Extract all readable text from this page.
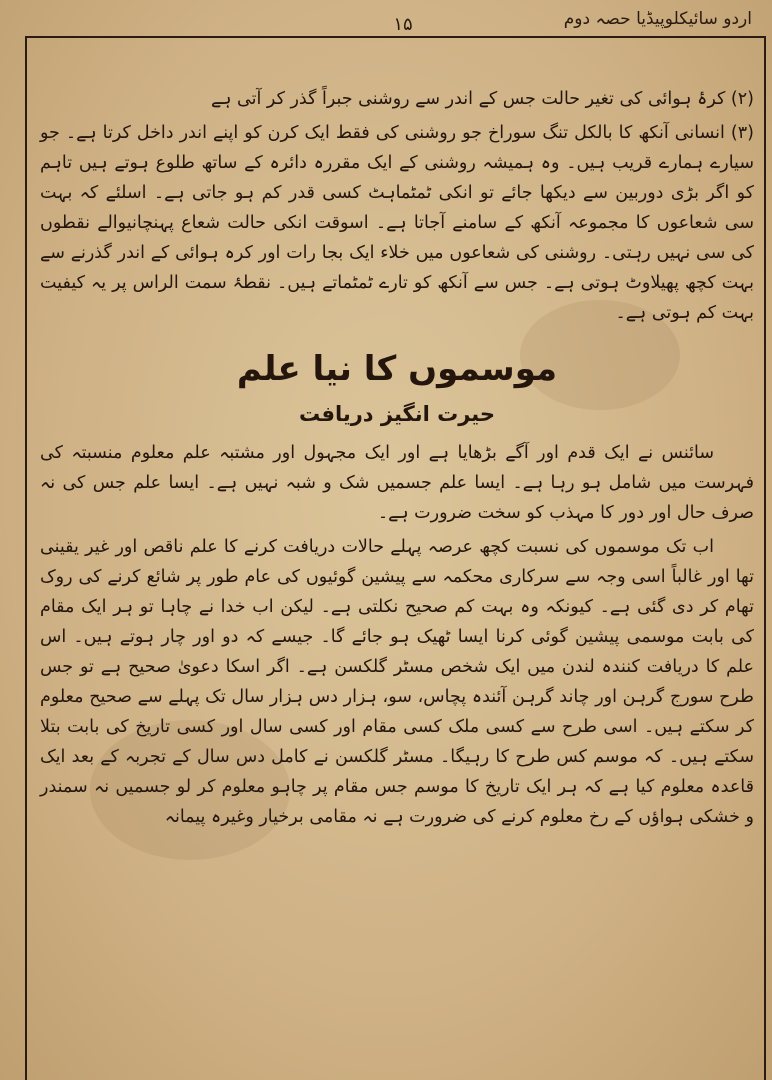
اردو سائیکلوپیڈیا حصہ دوم
۱۵

(۲) کرۂ ہوائی کی تغیر حالت جس کے اندر سے روشنی جبراً گذر کر آتی ہے

(۳) انسانی آنکھ کا بالکل تنگ سوراخ جو روشنی کی فقط ایک کرن کو اپنے اندر داخل کرتا ہے۔ جو سیارے ہمارے قریب ہیں۔ وہ ہمیشہ روشنی کے ایک مقررہ دائرہ کے ساتھ طلوع ہوتے ہیں تاہم کو اگر بڑی دوربین سے دیکھا جائے تو انکی ٹمٹماہٹ کسی قدر کم ہو جاتی ہے۔ اسلئے کہ بہت سی شعاعوں کا مجموعہ آنکھ کے سامنے آجاتا ہے۔ اسوقت انکی حالت شعاع پہنچانیوالے نقطوں کی سی نہیں رہتی۔ روشنی کی شعاعوں میں خلاء ایک بجا رات اور کرہ ہوائی کے اندر گذرنے سے بہت کچھ پھیلاوٹ ہوتی ہے۔ جس سے آنکھ کو تارے ٹمٹماتے ہیں۔ نقطۂ سمت الراس پر یہ کیفیت بہت کم ہوتی ہے۔

موسموں کا نیا علم
حیرت انگیز دریافت

سائنس نے ایک قدم اور آگے بڑھایا ہے اور ایک مجہول اور مشتبہ علم معلوم منسبتہ کی فہرست میں شامل ہو رہا ہے۔ ایسا علم جسمیں شک و شبہ نہیں ہے۔ ایسا علم جس کی نہ صرف حال اور دور کا مہذب کو سخت ضرورت ہے۔

اب تک موسموں کی نسبت کچھ عرصہ پہلے حالات دریافت کرنے کا علم ناقص اور غیر یقینی تھا اور غالباً اسی وجہ سے سرکاری محکمہ سے پیشین گوئیوں کی عام طور پر شائع کرنے کی روک تھام کر دی گئی ہے۔ کیونکہ وہ بہت کم صحیح نکلتی ہے۔ لیکن اب خدا نے چاہا تو ہر ایک مقام کی بابت موسمی پیشین گوئی کرنا ایسا ٹھیک ہو جائے گا۔ جیسے کہ دو اور چار ہوتے ہیں۔ اس علم کا دریافت کنندہ لندن میں ایک شخص مسٹر گلکسن ہے۔ اگر اسکا دعویٰ صحیح ہے تو جس طرح سورج گرہن اور چاند گرہن آئندہ پچاس، سو، ہزار دس ہزار سال تک پہلے سے صحیح معلوم کر سکتے ہیں۔ اسی طرح سے کسی ملک کسی مقام اور کسی سال اور کسی تاریخ کی بابت بتلا سکتے ہیں۔ کہ موسم کس طرح کا رہیگا۔ مسٹر گلکسن نے کامل دس سال کے تجربہ کے بعد ایک قاعدہ معلوم کیا ہے کہ ہر ایک تاریخ کا موسم جس مقام پر چاہو معلوم کر لو جسمیں نہ سمندر و خشکی ہواؤں کے رخ معلوم کرنے کی ضرورت ہے نہ مقامی برخیار وغیرہ پیمانہ
